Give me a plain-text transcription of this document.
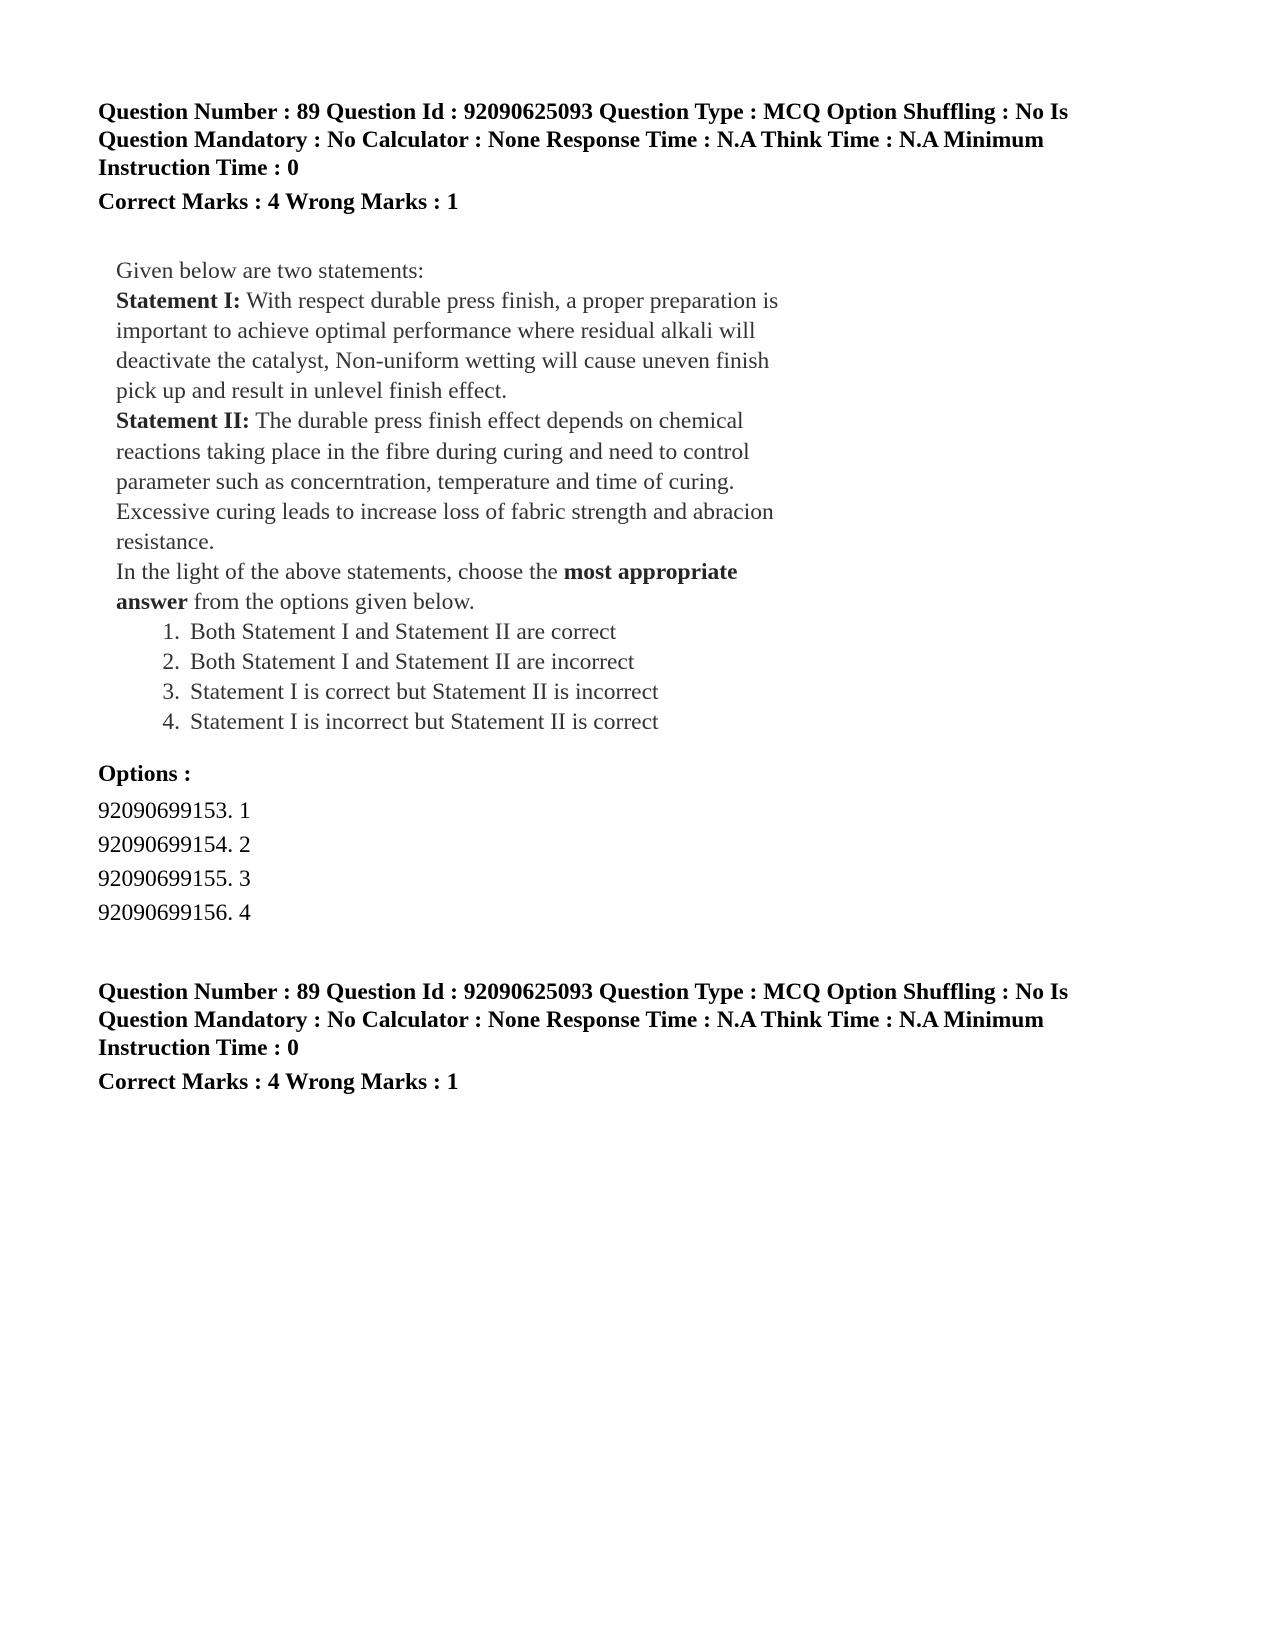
Question Number : 89 Question Id : 92090625093 Question Type : MCQ Option Shuffling : No Is
Question Mandatory : No Calculator : None Response Time : N.A Think Time : N.A Minimum
Instruction Time : 0
Correct Marks : 4 Wrong Marks : 1
Given below are two statements:
Statement I: With respect durable press finish, a proper preparation is
important to achieve optimal performance where residual alkali will
deactivate the catalyst, Non-uniform wetting will cause uneven finish
pick up and result in unlevel finish effect.
Statement II: The durable press finish effect depends on chemical
reactions taking place in the fibre during curing and need to control
parameter such as concerntration, temperature and time of curing.
Excessive curing leads to increase loss of fabric strength and abracion
resistance.
In the light of the above statements, choose the most appropriate
answer from the options given below.
1. Both Statement I and Statement II are correct
2. Both Statement I and Statement II are incorrect
3. Statement I is correct but Statement II is incorrect
4. Statement I is incorrect but Statement II is correct
Options :
92090699153. 1
92090699154. 2
92090699155. 3
92090699156. 4
Question Number : 89 Question Id : 92090625093 Question Type : MCQ Option Shuffling : No Is
Question Mandatory : No Calculator : None Response Time : N.A Think Time : N.A Minimum
Instruction Time : 0
Correct Marks : 4 Wrong Marks : 1
